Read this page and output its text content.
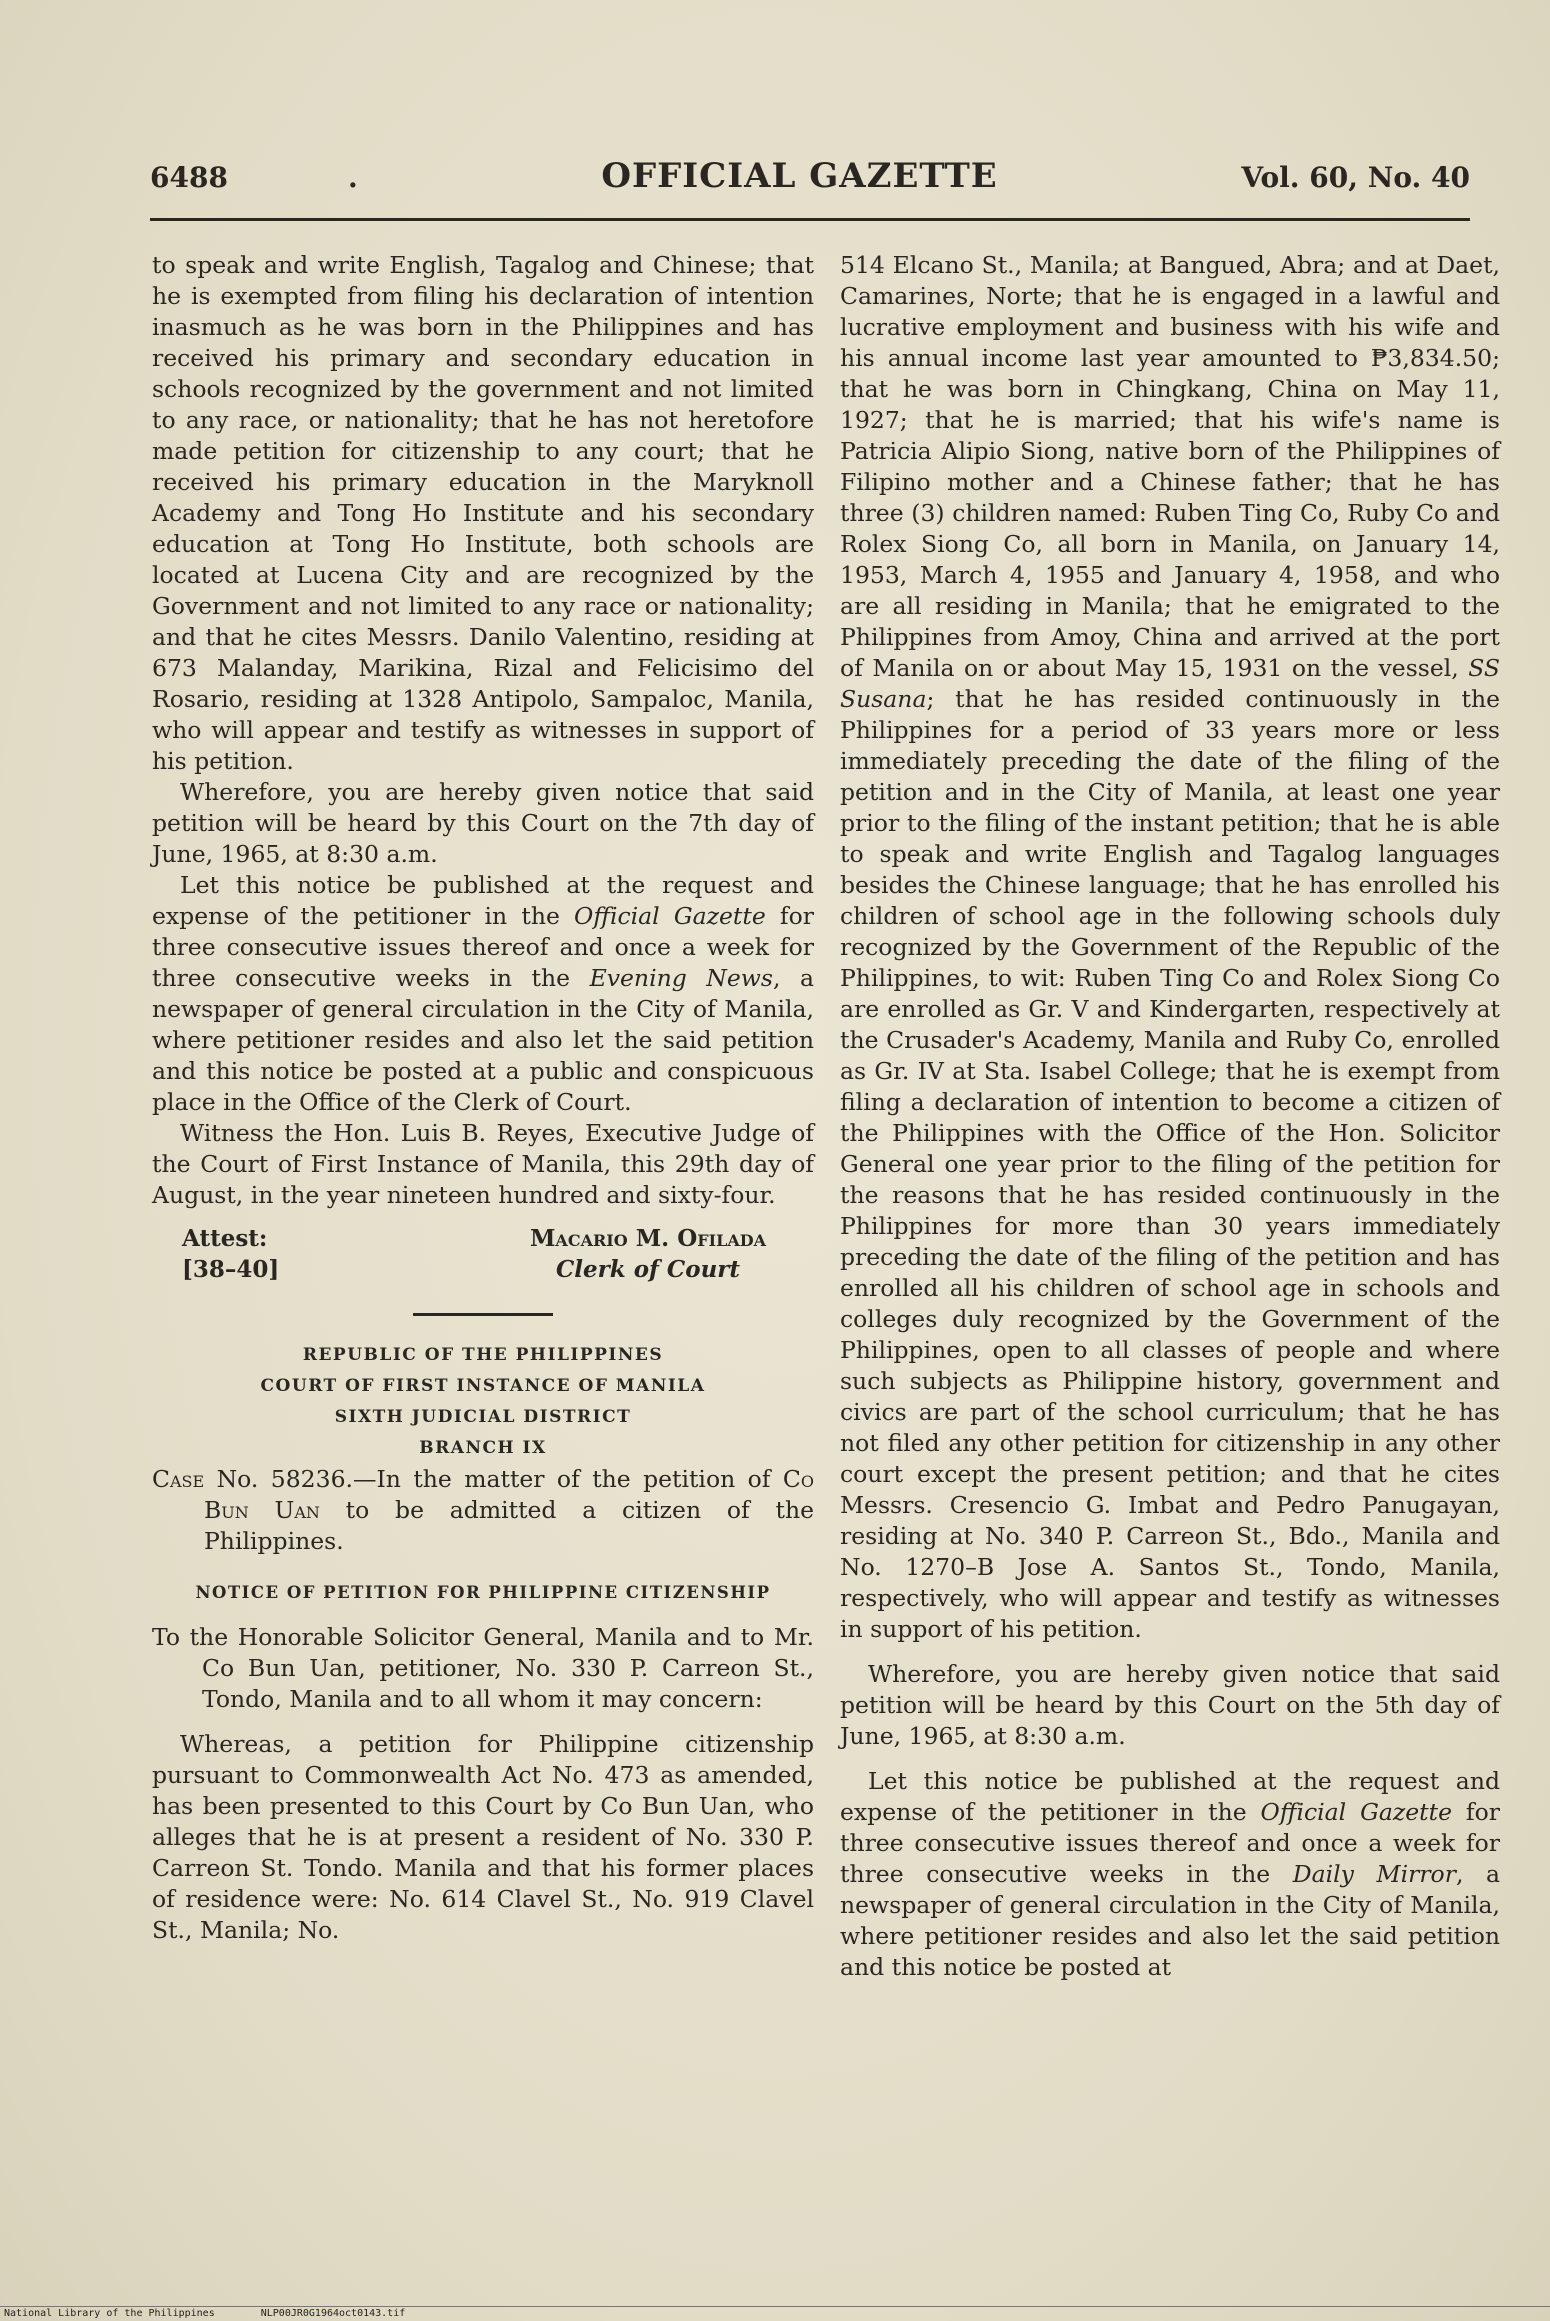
6488	.	OFFICIAL GAZETTE	Vol. 60, No. 40

to speak and write English, Tagalog and Chinese; that he is exempted from filing his declaration of intention inasmuch as he was born in the Philippines and has received his primary and secondary education in schools recognized by the government and not limited to any race, or nationality; that he has not heretofore made petition for citizenship to any court; that he received his primary education in the Maryknoll Academy and Tong Ho Institute and his secondary education at Tong Ho Institute, both schools are located at Lucena City and are recognized by the Government and not limited to any race or nationality; and that he cites Messrs. Danilo Valentino, residing at 673 Malanday, Marikina, Rizal and Felicisimo del Rosario, residing at 1328 Antipolo, Sampaloc, Manila, who will appear and testify as witnesses in support of his petition.

Wherefore, you are hereby given notice that said petition will be heard by this Court on the 7th day of June, 1965, at 8:30 a.m.

Let this notice be published at the request and expense of the petitioner in the Official Gazette for three consecutive issues thereof and once a week for three consecutive weeks in the Evening News, a newspaper of general circulation in the City of Manila, where petitioner resides and also let the said petition and this notice be posted at a public and conspicuous place in the Office of the Clerk of Court.

Witness the Hon. Luis B. Reyes, Executive Judge of the Court of First Instance of Manila, this 29th day of August, in the year nineteen hundred and sixty-four.

Attest:
[38–40]
Macario M. Ofilada
Clerk of Court
REPUBLIC OF THE PHILIPPINES
COURT OF FIRST INSTANCE OF MANILA
SIXTH JUDICIAL DISTRICT
BRANCH IX

Case No. 58236.—In the matter of the petition of Co Bun Uan to be admitted a citizen of the Philippines.

NOTICE OF PETITION FOR PHILIPPINE CITIZENSHIP

To the Honorable Solicitor General, Manila and to Mr. Co Bun Uan, petitioner, No. 330 P. Carreon St., Tondo, Manila and to all whom it may concern:

Whereas, a petition for Philippine citizenship pursuant to Commonwealth Act No. 473 as amended, has been presented to this Court by Co Bun Uan, who alleges that he is at present a resident of No. 330 P. Carreon St. Tondo. Manila and that his former places of residence were: No. 614 Clavel St., No. 919 Clavel St., Manila; No.

514 Elcano St., Manila; at Bangued, Abra; and at Daet, Camarines, Norte; that he is engaged in a lawful and lucrative employment and business with his wife and his annual income last year amounted to ₱3,834.50; that he was born in Chingkang, China on May 11, 1927; that he is married; that his wife's name is Patricia Alipio Siong, native born of the Philippines of Filipino mother and a Chinese father; that he has three (3) children named: Ruben Ting Co, Ruby Co and Rolex Siong Co, all born in Manila, on January 14, 1953, March 4, 1955 and January 4, 1958, and who are all residing in Manila; that he emigrated to the Philippines from Amoy, China and arrived at the port of Manila on or about May 15, 1931 on the vessel, SS Susana; that he has resided continuously in the Philippines for a period of 33 years more or less immediately preceding the date of the filing of the petition and in the City of Manila, at least one year prior to the filing of the instant petition; that he is able to speak and write English and Tagalog languages besides the Chinese language; that he has enrolled his children of school age in the following schools duly recognized by the Government of the Republic of the Philippines, to wit: Ruben Ting Co and Rolex Siong Co are enrolled as Gr. V and Kindergarten, respectively at the Crusader's Academy, Manila and Ruby Co, enrolled as Gr. IV at Sta. Isabel College; that he is exempt from filing a declaration of intention to become a citizen of the Philippines with the Office of the Hon. Solicitor General one year prior to the filing of the petition for the reasons that he has resided continuously in the Philippines for more than 30 years immediately preceding the date of the filing of the petition and has enrolled all his children of school age in schools and colleges duly recognized by the Government of the Philippines, open to all classes of people and where such subjects as Philippine history, government and civics are part of the school curriculum; that he has not filed any other petition for citizenship in any other court except the present petition; and that he cites Messrs. Cresencio G. Imbat and Pedro Panugayan, residing at No. 340 P. Carreon St., Bdo., Manila and No. 1270–B Jose A. Santos St., Tondo, Manila, respectively, who will appear and testify as witnesses in support of his petition.

Wherefore, you are hereby given notice that said petition will be heard by this Court on the 5th day of June, 1965, at 8:30 a.m.

Let this notice be published at the request and expense of the petitioner in the Official Gazette for three consecutive issues thereof and once a week for three consecutive weeks in the Daily Mirror, a newspaper of general circulation in the City of Manila, where petitioner resides and also let the said petition and this notice be posted at

National Library of the Philippines	NLP00JR0G1964oct0143.tif
